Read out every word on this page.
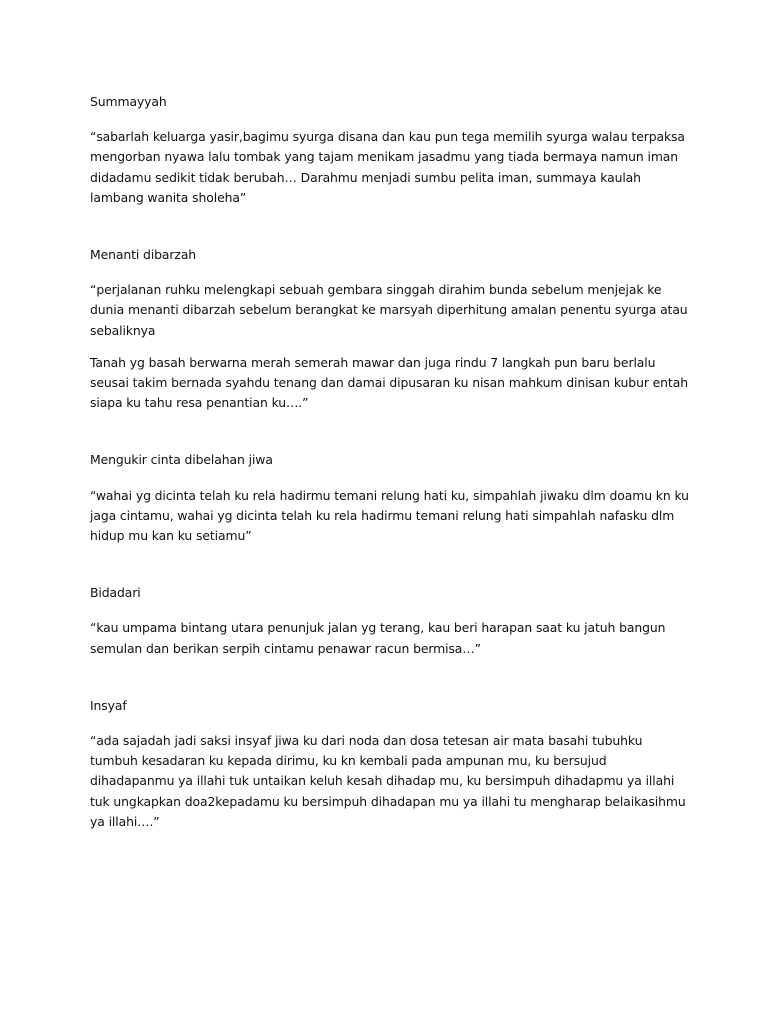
Summayyah

“sabarlah keluarga yasir,bagimu syurga disana dan kau pun tega memilih syurga walau terpaksa mengorban nyawa lalu tombak yang tajam menikam jasadmu yang tiada bermaya namun iman didadamu sedikit tidak berubah… Darahmu menjadi sumbu pelita iman, summaya kaulah lambang wanita sholeha”

Menanti dibarzah

“perjalanan ruhku melengkapi sebuah gembara singgah dirahim bunda sebelum menjejak ke dunia menanti dibarzah sebelum berangkat ke marsyah diperhitung amalan penentu syurga atau sebaliknya

Tanah yg basah berwarna merah semerah mawar dan juga rindu 7 langkah pun baru berlalu seusai takim bernada syahdu tenang dan damai dipusaran ku nisan mahkum dinisan kubur entah siapa ku tahu resa penantian ku….”

Mengukir cinta dibelahan jiwa

“wahai yg dicinta telah ku rela hadirmu temani relung hati ku, simpahlah jiwaku dlm doamu kn ku jaga cintamu, wahai yg dicinta telah ku rela hadirmu temani relung hati simpahlah nafasku dlm hidup mu kan ku setiamu”

Bidadari

“kau umpama bintang utara penunjuk jalan yg terang, kau beri harapan saat ku jatuh bangun semulan dan berikan serpih cintamu penawar racun bermisa…”

Insyaf

“ada sajadah jadi saksi insyaf jiwa ku dari noda dan dosa tetesan air mata basahi tubuhku tumbuh kesadaran ku kepada dirimu, ku kn kembali pada ampunan mu, ku bersujud dihadapanmu ya illahi tuk untaikan keluh kesah dihadap mu, ku bersimpuh dihadapmu ya illahi tuk ungkapkan doa2kepadamu ku bersimpuh dihadapan mu ya illahi tu mengharap belaikasihmu ya illahi….”
